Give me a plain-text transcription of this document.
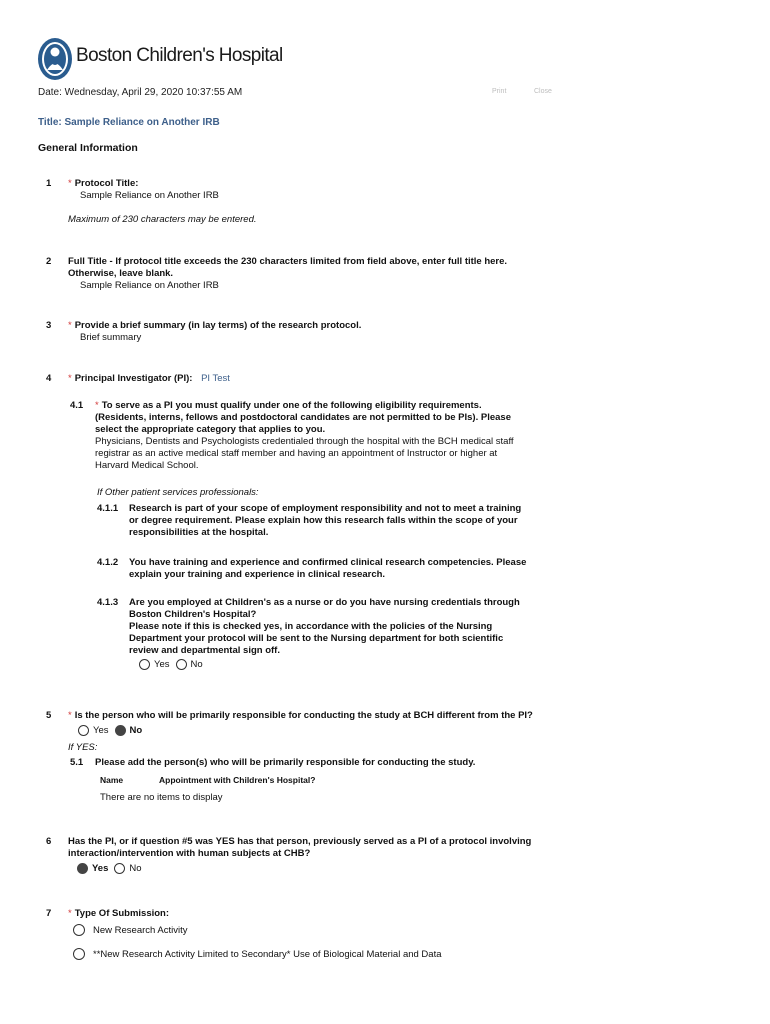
Boston Children's Hospital
Date: Wednesday, April 29, 2020 10:37:55 AM	Print	Close
Title: Sample Reliance on Another IRB
General Information
1 * Protocol Title:
Sample Reliance on Another IRB
Maximum of 230 characters may be entered.
2 Full Title - If protocol title exceeds the 230 characters limited from field above, enter full title here.
Otherwise, leave blank.
Sample Reliance on Another IRB
3 * Provide a brief summary (in lay terms) of the research protocol.
Brief summary
4 * Principal Investigator (PI): PI Test
4.1 * To serve as a PI you must qualify under one of the following eligibility requirements.
(Residents, interns, fellows and postdoctoral candidates are not permitted to be PIs). Please
select the appropriate category that applies to you.
Physicians, Dentists and Psychologists credentialed through the hospital with the BCH medical staff
registrar as an active medical staff member and having an appointment of Instructor or higher at
Harvard Medical School.
If Other patient services professionals:
4.1.1 Research is part of your scope of employment responsibility and not to meet a training
or degree requirement. Please explain how this research falls within the scope of your
responsibilities at the hospital.
4.1.2 You have training and experience and confirmed clinical research competencies. Please
explain your training and experience in clinical research.
4.1.3 Are you employed at Children's as a nurse or do you have nursing credentials through
Boston Children's Hospital?
Please note if this is checked yes, in accordance with the policies of the Nursing
Department your protocol will be sent to the Nursing department for both scientific
review and departmental sign off.
Yes No
5 * Is the person who will be primarily responsible for conducting the study at BCH different from the PI?
Yes No
If YES:
5.1 Please add the person(s) who will be primarily responsible for conducting the study.
Name	Appointment with Children's Hospital?
There are no items to display
6 Has the PI, or if question #5 was YES has that person, previously served as a PI of a protocol involving
interaction/intervention with human subjects at CHB?
Yes No
7 * Type Of Submission:
New Research Activity
**New Research Activity Limited to Secondary* Use of Biological Material and Data
